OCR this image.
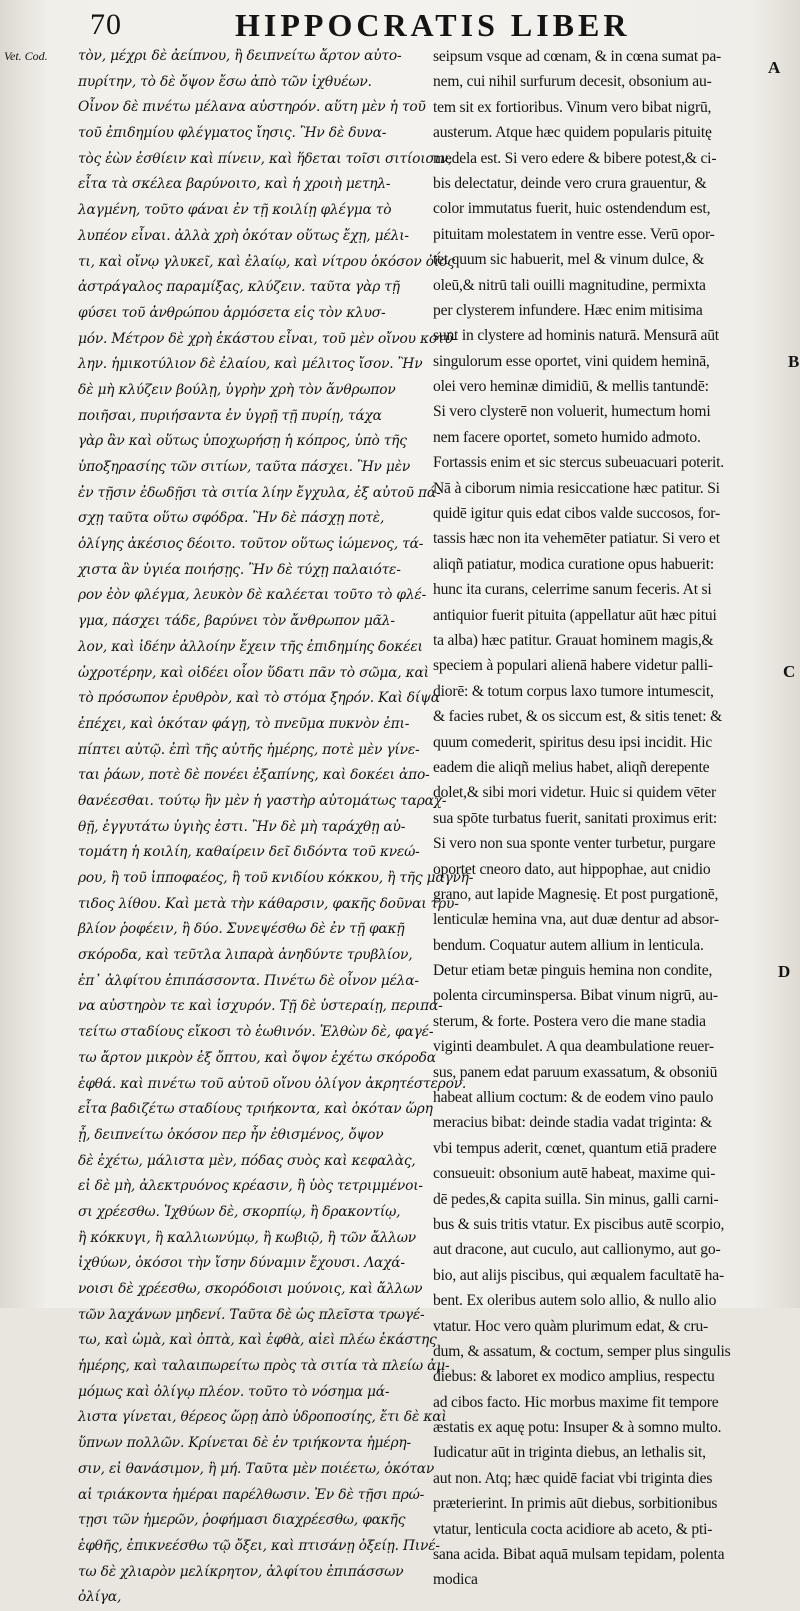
70	HIPPOCRATIS LIBER
Vet. Cod. τὸν, μέχρι δὲ ἀείπνου, ἢ δειπνείτω ἄρτον αὐτο-
πυρίτην, τὸ δὲ ὄψον ἔσω ἀπὸ τῶν ἰχθυέων.
Οἶνον δὲ πινέτω μέλανα αὐστηρόν. αὕτη μὲν ἡ τοῦ
τοῦ ἐπιδημίου φλέγματος ἴησις. Ἢν δὲ δυνα-
τὸς ἐὼν ἐσθίειν καὶ πίνειν, καὶ ἥδεται τοῖσι σιτίοισιν,
εἶτα τὰ σκέλεα βαρύνοιτο, καὶ ἡ χροιὴ μετηλ-
λαγμένη, τοῦτο φάναι ἐν τῇ κοιλίῃ φλέγμα τὸ
λυπέον εἶναι. ἀλλὰ χρὴ ὁκόταν οὕτως ἔχῃ, μέλι-
τι, καὶ οἴνῳ γλυκεῖ, καὶ ἐλαίῳ, καὶ νίτρου ὁκόσον ὀΐος
ἀστράγαλος παραμίξας, κλύζειν. ταῦτα γὰρ τῇ
φύσει τοῦ ἀνθρώπου ἁρμόσετα εἰς τὸν κλυσ-
μόν. Μέτρον δὲ χρὴ ἑκάστου εἶναι, τοῦ μὲν οἴνου κοτύ-
λην. ἡμικοτύλιον δὲ ἐλαίου, καὶ μέλιτος ἴσον. Ἢν
δὲ μὴ κλύζειν βούλῃ, ὑγρὴν χρὴ τὸν ἄνθρωπον
ποιῆσαι, πυριήσαντα ἐν ὑγρῇ τῇ πυρίῃ, τάχα
γὰρ ἂν καὶ οὕτως ὑποχωρήσῃ ἡ κόπρος, ὑπὸ τῆς
ὑποξηρασίης τῶν σιτίων, ταῦτα πάσχει. Ἢν μὲν
ἐν τῇσιν ἐδωδῇσι τὰ σιτία λίην ἔγχυλα, ἐξ αὐτοῦ πά-
σχῃ ταῦτα οὕτω σφόδρα. Ἢν δὲ πάσχῃ ποτὲ,
ὀλίγης ἀκέσιος δέοιτο. τοῦτον οὕτως ἰώμενος, τά-
χιστα ἂν ὑγιέα ποιήσῃς. Ἢν δὲ τύχῃ παλαιότε-
ρον ἐὸν φλέγμα, λευκὸν δὲ καλέεται τοῦτο τὸ φλέ-
γμα, πάσχει τάδε, βαρύνει τὸν ἄνθρωπον μᾶλ-
λον, καὶ ἰδέην ἀλλοίην ἔχειν τῆς ἐπιδημίης δοκέει
ὠχροτέρην, καὶ οἰδέει οἷον ὕδατι πᾶν τὸ σῶμα, καὶ
τὸ πρόσωπον ἐρυθρὸν, καὶ τὸ στόμα ξηρόν. Καὶ δίψα
ἐπέχει, καὶ ὁκόταν φάγῃ, τὸ πνεῦμα πυκνὸν ἐπι-
πίπτει αὐτῷ. ἐπὶ τῆς αὐτῆς ἡμέρης, ποτὲ μὲν γίνε-
ται ῥάων, ποτὲ δὲ πονέει ἐξαπίνης, καὶ δοκέει ἀπο-
θανέεσθαι. τούτῳ ἢν μὲν ἡ γαστὴρ αὐτομάτως ταραχ-
θῇ, ἐγγυτάτω ὑγιὴς ἐστι. Ἢν δὲ μὴ ταράχθῃ αὐ-
τομάτη ἡ κοιλίη, καθαίρειν δεῖ διδόντα τοῦ κνεώ-
ρου, ἢ τοῦ ἱπποφαέος, ἢ τοῦ κνιδίου κόκκου, ἢ τῆς μαγνή-
τιδος λίθου. Καὶ μετὰ τὴν κάθαρσιν, φακῆς δοῦναι τρυ-
βλίον ῥοφέειν, ἢ δύο. Συνεψέσθω δὲ ἐν τῇ φακῇ
σκόροδα, καὶ τεῦτλα λιπαρὰ ἀνηδύντε τρυβλίον,
ἐπ᾽ ἀλφίτου ἐπιπάσσοντα. Πινέτω δὲ οἶνον μέλα-
να αὐστηρὸν τε καὶ ἰσχυρόν. Τῇ δὲ ὑστεραίῃ, περιπα-
τείτω σταδίους εἴκοσι τὸ ἑωθινόν. Ἐλθὼν δὲ, φαγέ-
τω ἄρτον μικρὸν ἐξ ὄπτου, καὶ ὄψον ἐχέτω σκόροδα
ἑφθά. καὶ πινέτω τοῦ αὐτοῦ οἴνου ὀλίγον ἀκρητέστερον.
εἶτα βαδιζέτω σταδίους τριήκοντα, καὶ ὁκόταν ὥρη
ᾖ, δειπνείτω ὁκόσον περ ἦν ἐθισμένος, ὄψον
δὲ ἐχέτω, μάλιστα μὲν, πόδας συὸς καὶ κεφαλὰς,
εἰ δὲ μὴ, ἀλεκτρυόνος κρέασιν, ἢ ὑὸς τετριμμένοι-
σι χρέεσθω. Ἰχθύων δὲ, σκορπίῳ, ἢ δρακοντίῳ,
ἢ κόκκυγι, ἢ καλλιωνύμῳ, ἢ κωβιῷ, ἢ τῶν ἄλλων
ἰχθύων, ὁκόσοι τὴν ἴσην δύναμιν ἔχουσι. Λαχά-
νοισι δὲ χρέεσθω, σκορόδοισι μούνοις, καὶ ἄλλων
τῶν λαχάνων μηδενί. Ταῦτα δὲ ὡς πλεῖστα τρωγέ-
τω, καὶ ὠμὰ, καὶ ὀπτὰ, καὶ ἑφθὰ, αἰεὶ πλέω ἑκάστης
ἡμέρης, καὶ ταλαιπωρείτω πρὸς τὰ σιτία τὰ πλείω ἀμ-
μόμως καὶ ὀλίγῳ πλέον. τοῦτο τὸ νόσημα μά-
λιστα γίνεται, θέρεος ὥρῃ ἀπὸ ὑδροποσίης, ἔτι δὲ καὶ
ὕπνων πολλῶν. Κρίνεται δὲ ἐν τριήκοντα ἡμέρη-
σιν, εἰ θανάσιμον, ἢ μή. Ταῦτα μὲν ποιέετω, ὁκόταν
αἱ τριάκοντα ἡμέραι παρέλθωσιν. Ἐν δὲ τῇσι πρώ-
τῃσι τῶν ἡμερῶν, ῥοφήμασι διαχρέεσθω, φακῆς
ἑφθῆς, ἐπικνεέσθω τῷ ὄξει, καὶ πτισάνῃ ὀξείῃ. Πινέ-
τω δὲ χλιαρὸν μελίκρητον, ἀλφίτου ἐπιπάσσων
ὀλίγα,
seipsum vsque ad cœnam, & in cœna sumat pa-
nem, cui nihil surfurum decesit, obsonium au-
tem sit ex fortioribus. Vinum vero bibat nigrū,
austerum. Atque hæc quidem popularis pituitę
medela est. Si vero edere & bibere potest,& ci-
bis delectatur, deinde vero crura grauentur, &
color immutatus fuerit, huic ostendendum est,
pituitam molestatem in ventre esse. Verū opor-
tet quum sic habuerit, mel & vinum dulce, &
oleū,& nitrū tali ouilli magnitudine, permixta
per clysterem infundere. Hæc enim mitisima
sunt in clystere ad hominis naturā. Mensurā aūt
singulorum esse oportet, vini quidem heminā,
olei vero heminæ dimidiū, & mellis tantundē:
Si vero clysterē non voluerit, humectum homi
nem facere oportet, someto humido admoto.
Fortassis enim et sic stercus subeuacuari poterit.
Nā à ciborum nimia resiccatione hæc patitur. Si
quidē igitur quis edat cibos valde succosos, for-
tassis hæc non ita vehemēter patiatur. Si vero et
aliqñ patiatur, modica curatione opus habuerit:
hunc ita curans, celerrime sanum feceris. At si
antiquior fuerit pituita (appellatur aūt hæc pitui
ta alba) hæc patitur. Grauat hominem magis,&
speciem à populari alienā habere videtur palli-
diorē: & totum corpus laxo tumore intumescit,
& facies rubet, & os siccum est, & sitis tenet: &
quum comederit, spiritus desu ipsi incidit. Hic
eadem die aliqñ melius habet, aliqñ derepente
dolet,& sibi mori videtur. Huic si quidem vēter
sua spōte turbatus fuerit, sanitati proximus erit:
Si vero non sua sponte venter turbetur, purgare
oportet cneoro dato, aut hippophae, aut cnidio
grano, aut lapide Magnesię. Et post purgationē,
lenticulæ hemina vna, aut duæ dentur ad absor-
bendum. Coquatur autem allium in lenticula.
Detur etiam betæ pinguis hemina non condite,
polenta circuminspersa. Bibat vinum nigrū, au-
sterum, & forte. Postera vero die mane stadia
viginti deambulet. A qua deambulatione reuer-
sus, panem edat paruum exassatum, & obsoniū
habeat allium coctum: & de eodem vino paulo
meracius bibat: deinde stadia vadat triginta: &
vbi tempus aderit, cœnet, quantum etiā pradere
consueuit: obsonium autē habeat, maxime qui-
dē pedes,& capita suilla. Sin minus, galli carni-
bus & suis tritis vtatur. Ex piscibus autē scorpio,
aut dracone, aut cuculo, aut callionymo, aut go-
bio, aut alijs piscibus, qui æqualem facultatē ha-
bent. Ex oleribus autem solo allio, & nullo alio
vtatur. Hoc vero quàm plurimum edat, & cru-
dum, & assatum, & coctum, semper plus singulis
diebus: & laboret ex modico amplius, respectu
ad cibos facto. Hic morbus maxime fit tempore
æstatis ex aquę potu: Insuper & à somno multo.
Iudicatur aūt in triginta diebus, an lethalis sit,
aut non. Atq; hæc quidē faciat vbi triginta dies
præterierint. In primis aūt diebus, sorbitionibus
vtatur, lenticula cocta acidiore ab aceto, & pti-
sana acida. Bibat aquā mulsam tepidam, polenta
modica
A
B
C
D
